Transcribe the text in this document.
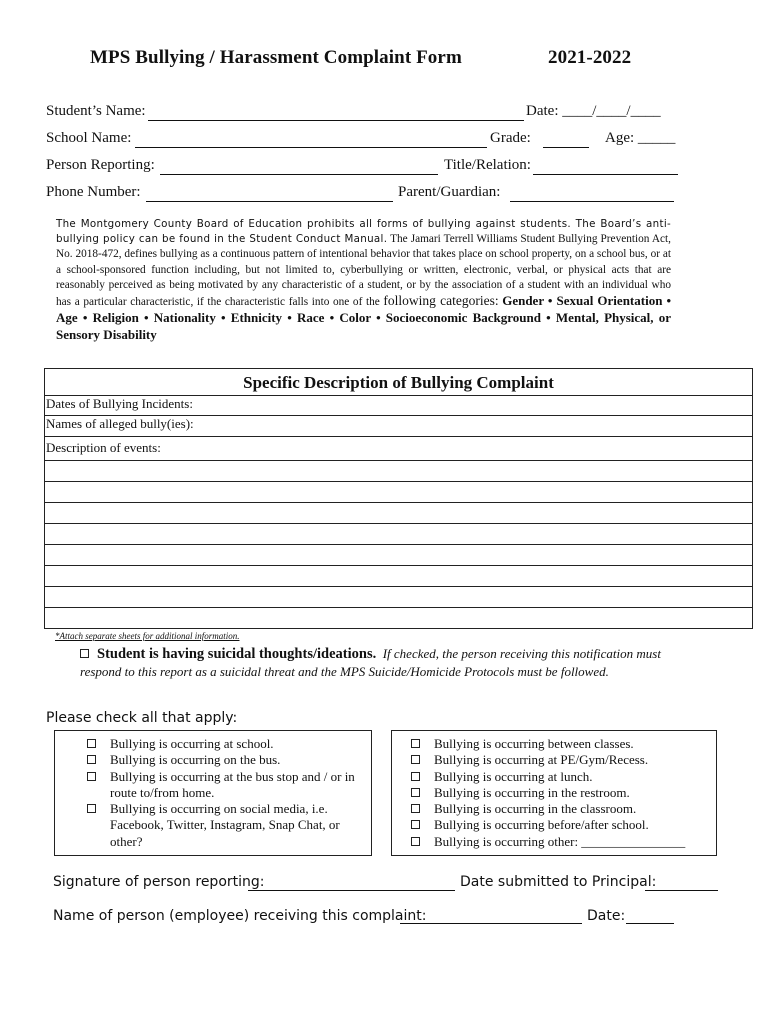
MPS Bullying / Harassment Complaint Form	2021-2022
Student’s Name:	Date: ____/____/____
School Name:	Grade:	Age: _____
Person Reporting:	Title/Relation:
Phone Number:	Parent/Guardian:
The Montgomery County Board of Education prohibits all forms of bullying against students. The Board’s anti-bullying policy can be found in the Student Conduct Manual. The Jamari Terrell Williams Student Bullying Prevention Act, No. 2018-472, defines bullying as a continuous pattern of intentional behavior that takes place on school property, on a school bus, or at a school-sponsored function including, but not limited to, cyberbullying or written, electronic, verbal, or physical acts that are reasonably perceived as being motivated by any characteristic of a student, or by the association of a student with an individual who has a particular characteristic, if the characteristic falls into one of the following categories: Gender • Sexual Orientation • Age • Religion • Nationality • Ethnicity • Race • Color • Socioeconomic Background • Mental, Physical, or Sensory Disability
Specific Description of Bullying Complaint
Dates of Bullying Incidents:
Names of alleged bully(ies):
Description of events:
*Attach separate sheets for additional information.
Student is having suicidal thoughts/ideations. If checked, the person receiving this notification must respond to this report as a suicidal threat and the MPS Suicide/Homicide Protocols must be followed.
Please check all that apply:
Bullying is occurring at school.
Bullying is occurring on the bus.
Bullying is occurring at the bus stop and / or in route to/from home.
Bullying is occurring on social media, i.e. Facebook, Twitter, Instagram, Snap Chat, or other?
Bullying is occurring between classes.
Bullying is occurring at PE/Gym/Recess.
Bullying is occurring at lunch.
Bullying is occurring in the restroom.
Bullying is occurring in the classroom.
Bullying is occurring before/after school.
Bullying is occurring other: ________________
Signature of person reporting:	Date submitted to Principal:
Name of person (employee) receiving this complaint:	Date:
